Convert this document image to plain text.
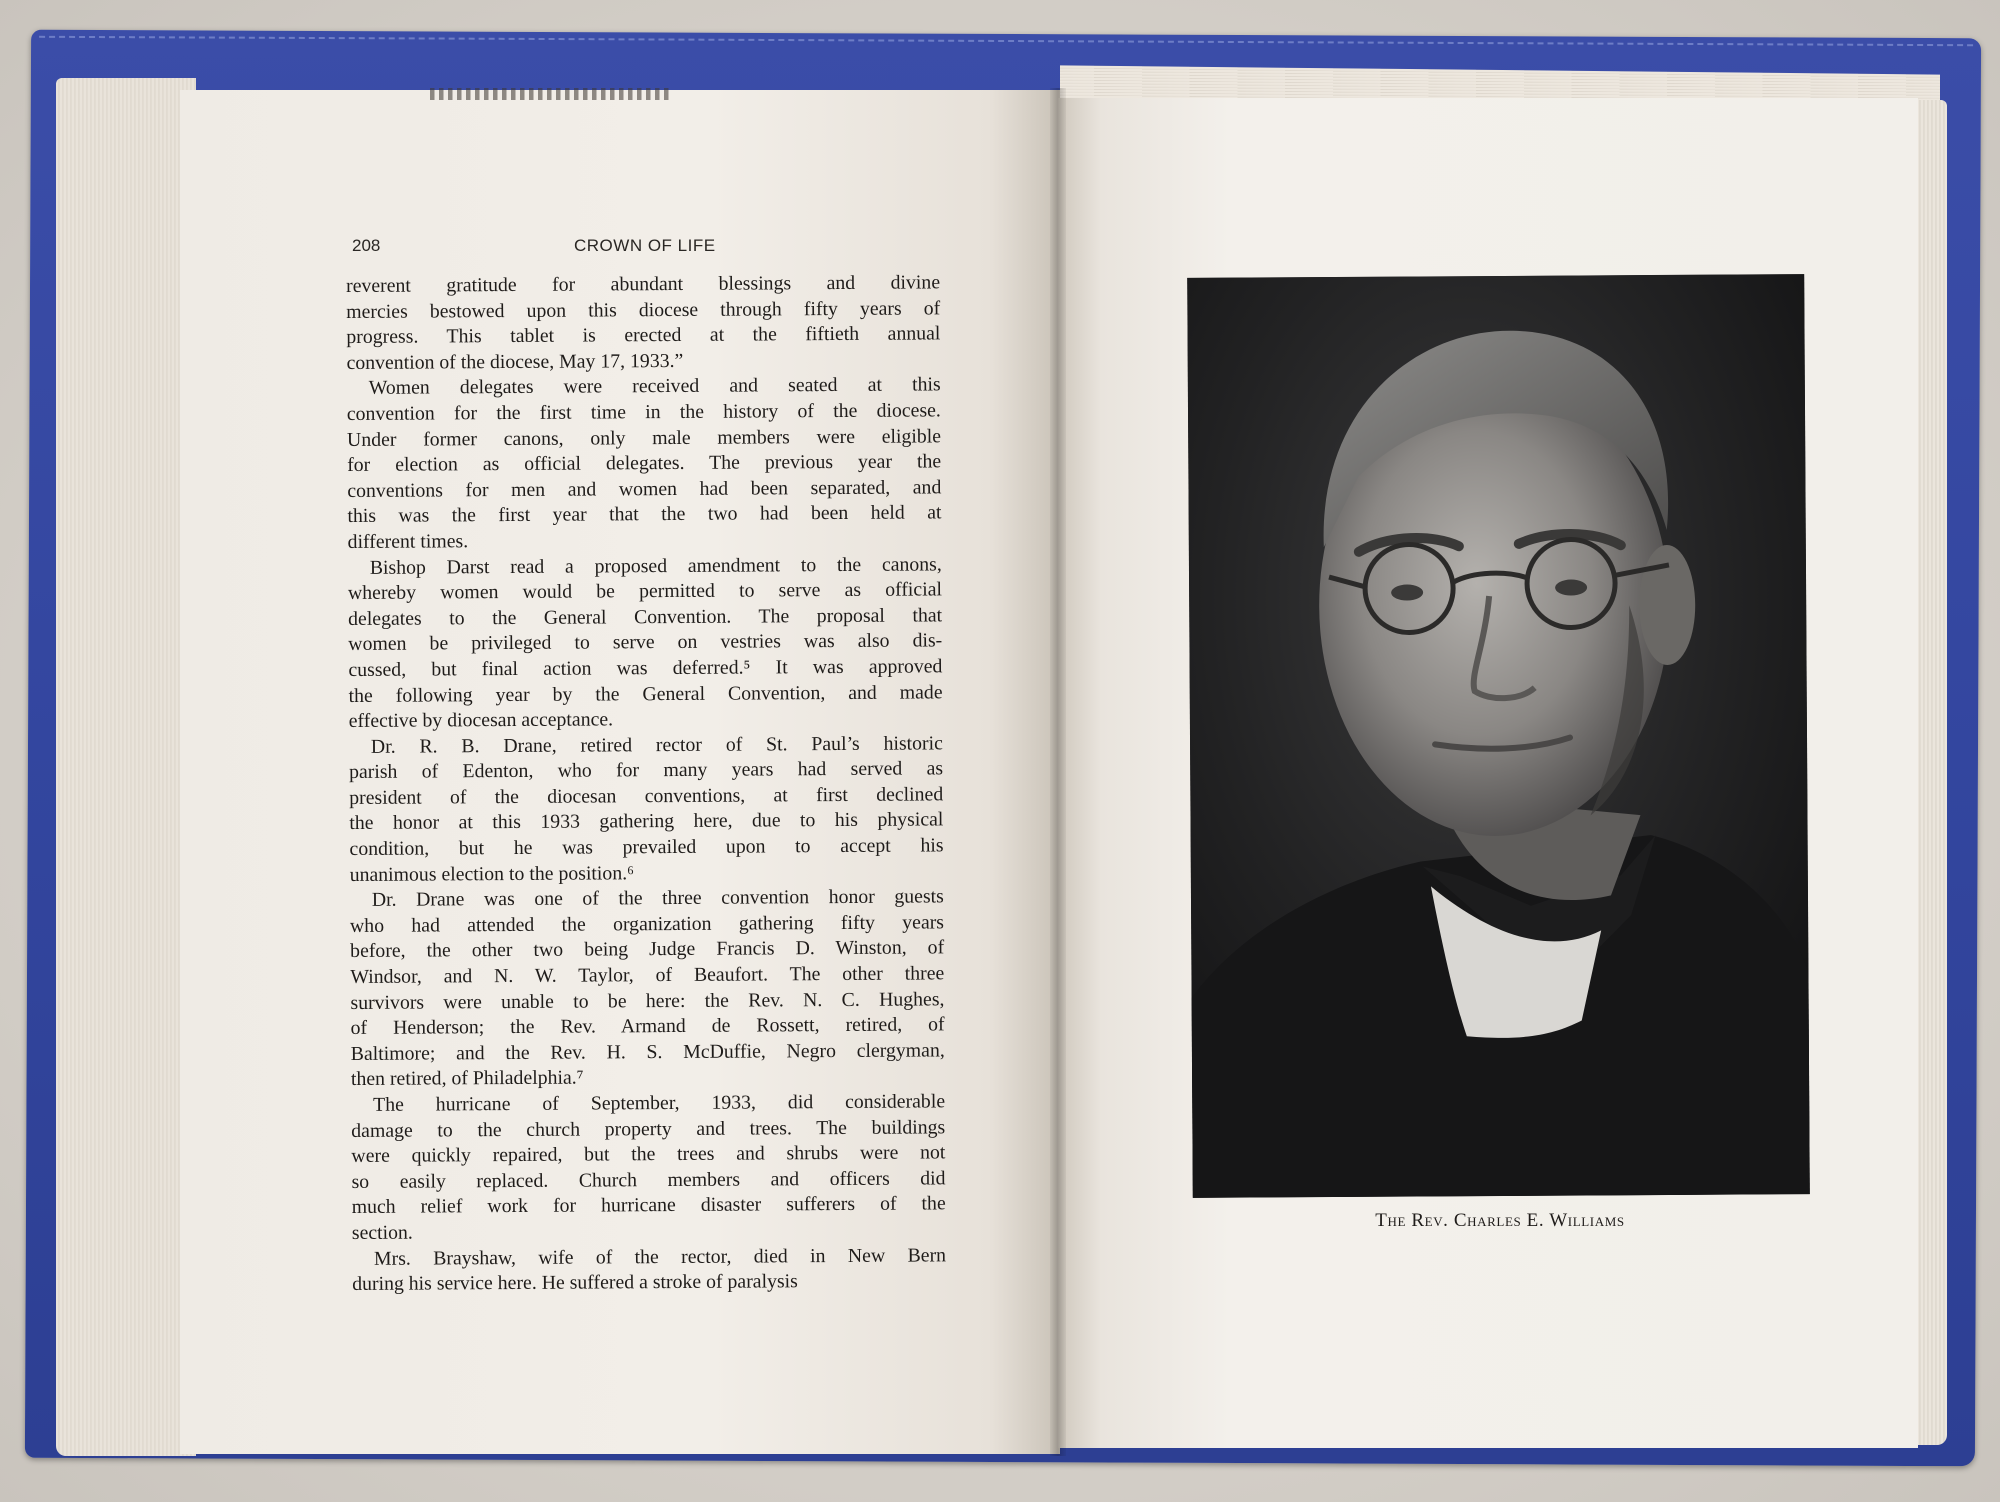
208	CROWN OF LIFE
reverent gratitude for abundant blessings and divine
mercies bestowed upon this diocese through fifty years of
progress. This tablet is erected at the fiftieth annual
convention of the diocese, May 17, 1933.”
Women delegates were received and seated at this
convention for the first time in the history of the diocese.
Under former canons, only male members were eligible
for election as official delegates. The previous year the
conventions for men and women had been separated, and
this was the first year that the two had been held at
different times.
Bishop Darst read a proposed amendment to the canons,
whereby women would be permitted to serve as official
delegates to the General Convention. The proposal that
women be privileged to serve on vestries was also dis-
cussed, but final action was deferred.⁵ It was approved
the following year by the General Convention, and made
effective by diocesan acceptance.
Dr. R. B. Drane, retired rector of St. Paul’s historic
parish of Edenton, who for many years had served as
president of the diocesan conventions, at first declined
the honor at this 1933 gathering here, due to his physical
condition, but he was prevailed upon to accept his
unanimous election to the position.⁶
Dr. Drane was one of the three convention honor guests
who had attended the organization gathering fifty years
before, the other two being Judge Francis D. Winston, of
Windsor, and N. W. Taylor, of Beaufort. The other three
survivors were unable to be here: the Rev. N. C. Hughes,
of Henderson; the Rev. Armand de Rossett, retired, of
Baltimore; and the Rev. H. S. McDuffie, Negro clergyman,
then retired, of Philadelphia.⁷
The hurricane of September, 1933, did considerable
damage to the church property and trees. The buildings
were quickly repaired, but the trees and shrubs were not
so easily replaced. Church members and officers did
much relief work for hurricane disaster sufferers of the
section.
Mrs. Brayshaw, wife of the rector, died in New Bern
during his service here. He suffered a stroke of paralysis
The Rev. Charles E. Williams
